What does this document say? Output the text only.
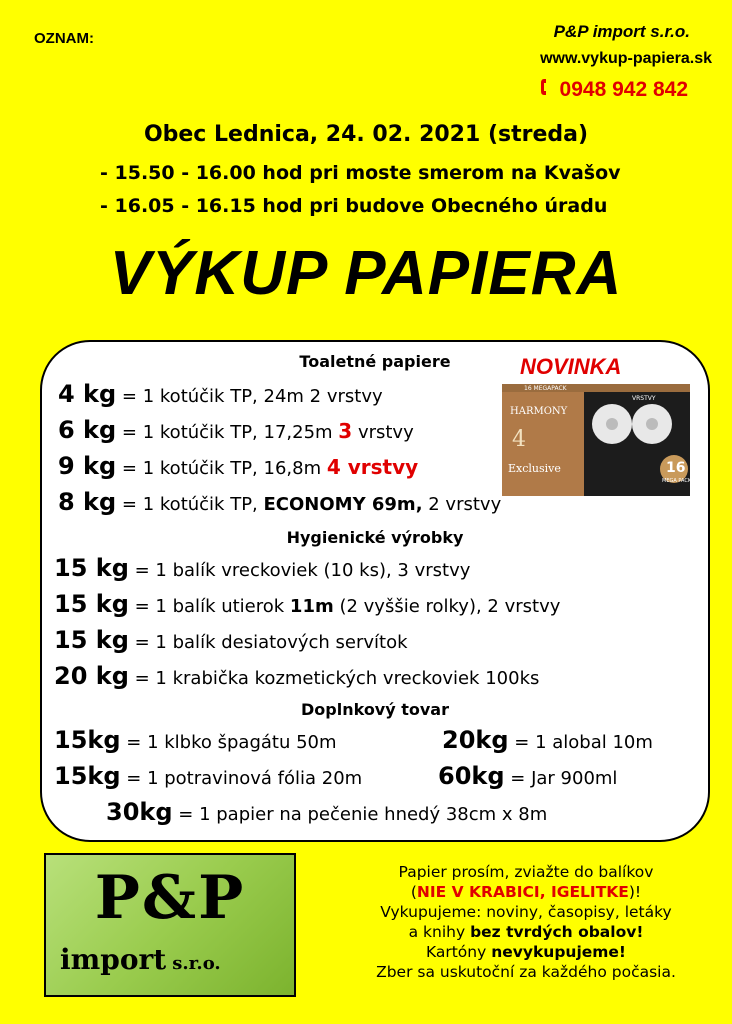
OZNAM:	P&P import s.r.o.
www.vykup-papiera.sk
0948 942 842
Obec Lednica, 24. 02. 2021 (streda)
- 15.50 - 16.00 hod pri moste smerom na Kvašov
- 16.05 - 16.15 hod pri budove Obecného úradu
VÝKUP PAPIERA
Toaletné papiere	NOVINKA
16 MEGAPACK
HARMONY
4
Exclusive
VRSTVY
16
MEGA PACK
4 kg = 1 kotúčik TP, 24m 2 vrstvy
6 kg = 1 kotúčik TP, 17,25m 3 vrstvy
9 kg = 1 kotúčik TP, 16,8m 4 vrstvy
8 kg = 1 kotúčik TP, ECONOMY 69m, 2 vrstvy
Hygienické výrobky
15 kg = 1 balík vreckoviek (10 ks), 3 vrstvy
15 kg = 1 balík utierok 11m (2 vyššie rolky), 2 vrstvy
15 kg = 1 balík desiatových servítok
20 kg = 1 krabička kozmetických vreckoviek 100ks
Doplnkový tovar
15kg = 1 klbko špagátu 50m	20kg = 1 alobal 10m
15kg = 1 potravinová fólia 20m	60kg = Jar 900ml
30kg = 1 papier na pečenie hnedý 38cm x 8m
P&P
import s.r.o.
Papier prosím, zviažte do balíkov
(NIE V KRABICI, IGELITKE)!
Vykupujeme: noviny, časopisy, letáky
a knihy bez tvrdých obalov!
Kartóny nevykupujeme!
Zber sa uskutoční za každého počasia.
